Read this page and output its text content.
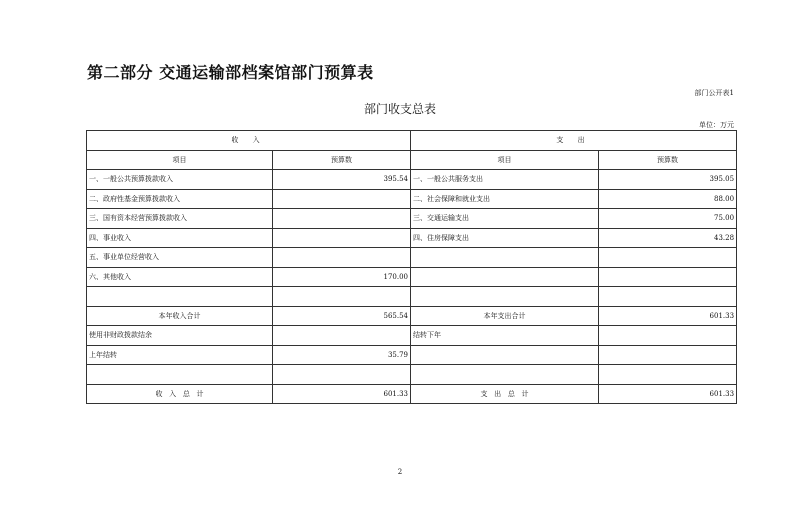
第二部分 交通运输部档案馆部门预算表
部门公开表1
部门收支总表
单位：万元
收 入		支 出	
项目	预算数	项目	预算数
一、一般公共预算拨款收入	395.54	一、一般公共服务支出	395.05
二、政府性基金预算拨款收入		二、社会保障和就业支出	88.00
三、国有资本经营预算拨款收入		三、交通运输支出	75.00
四、事业收入		四、住房保障支出	43.28
五、事业单位经营收入			
六、其他收入	170.00		

本年收入合计	565.54	本年支出合计	601.33
使用非财政拨款结余		结转下年	
上年结转	35.79		

收   入   总   计	601.33	支   出   总   计	601.33
2
